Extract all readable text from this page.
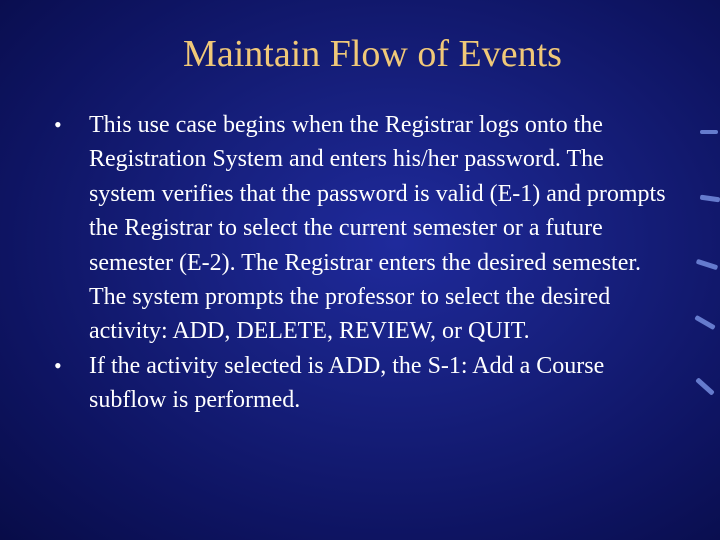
Maintain Flow of Events
• This use case begins when the Registrar logs onto the Registration System and enters his/her password. The system verifies that the password is valid (E-1) and prompts the Registrar to select the current semester or a future semester (E-2). The Registrar enters the desired semester. The system prompts the professor to select the desired activity: ADD, DELETE, REVIEW, or QUIT.
• If the activity selected is ADD, the S-1: Add a Course subflow is performed.
